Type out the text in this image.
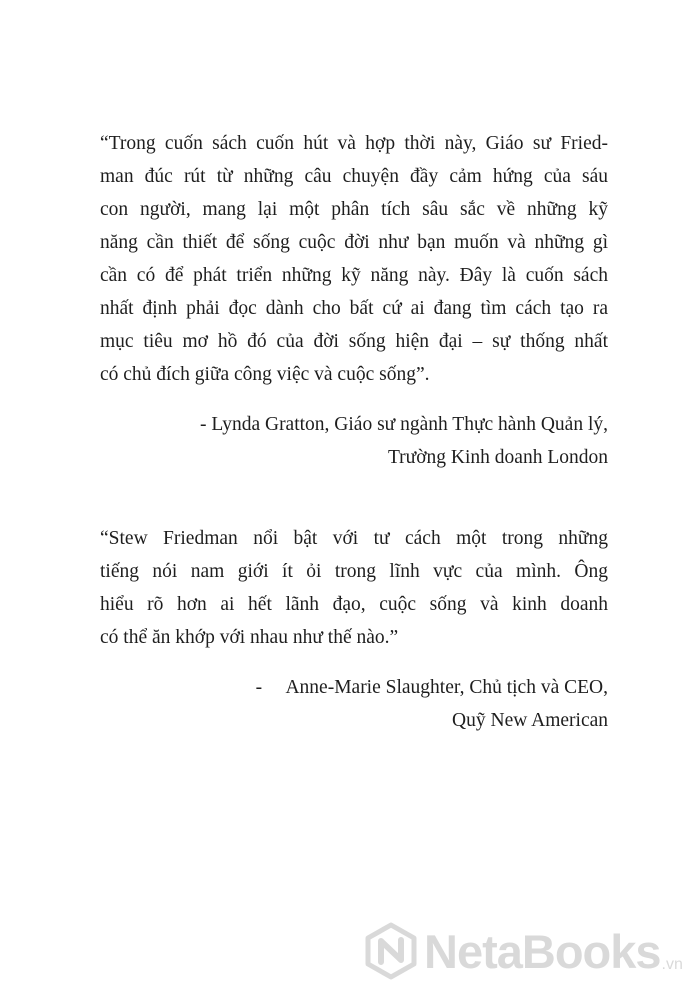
“Trong cuốn sách cuốn hút và hợp thời này, Giáo sư Fried-
man đúc rút từ những câu chuyện đầy cảm hứng của sáu
con người, mang lại một phân tích sâu sắc về những kỹ
năng cần thiết để sống cuộc đời như bạn muốn và những gì
cần có để phát triển những kỹ năng này. Đây là cuốn sách
nhất định phải đọc dành cho bất cứ ai đang tìm cách tạo ra
mục tiêu mơ hồ đó của đời sống hiện đại – sự thống nhất
có chủ đích giữa công việc và cuộc sống”.
- Lynda Gratton, Giáo sư ngành Thực hành Quản lý,
Trường Kinh doanh London
“Stew Friedman nổi bật với tư cách một trong những
tiếng nói nam giới ít ỏi trong lĩnh vực của mình. Ông
hiểu rõ hơn ai hết lãnh đạo, cuộc sống và kinh doanh
có thể ăn khớp với nhau như thế nào.”
-     Anne-Marie Slaughter, Chủ tịch và CEO,
Quỹ New American
NetaBooks .vn
